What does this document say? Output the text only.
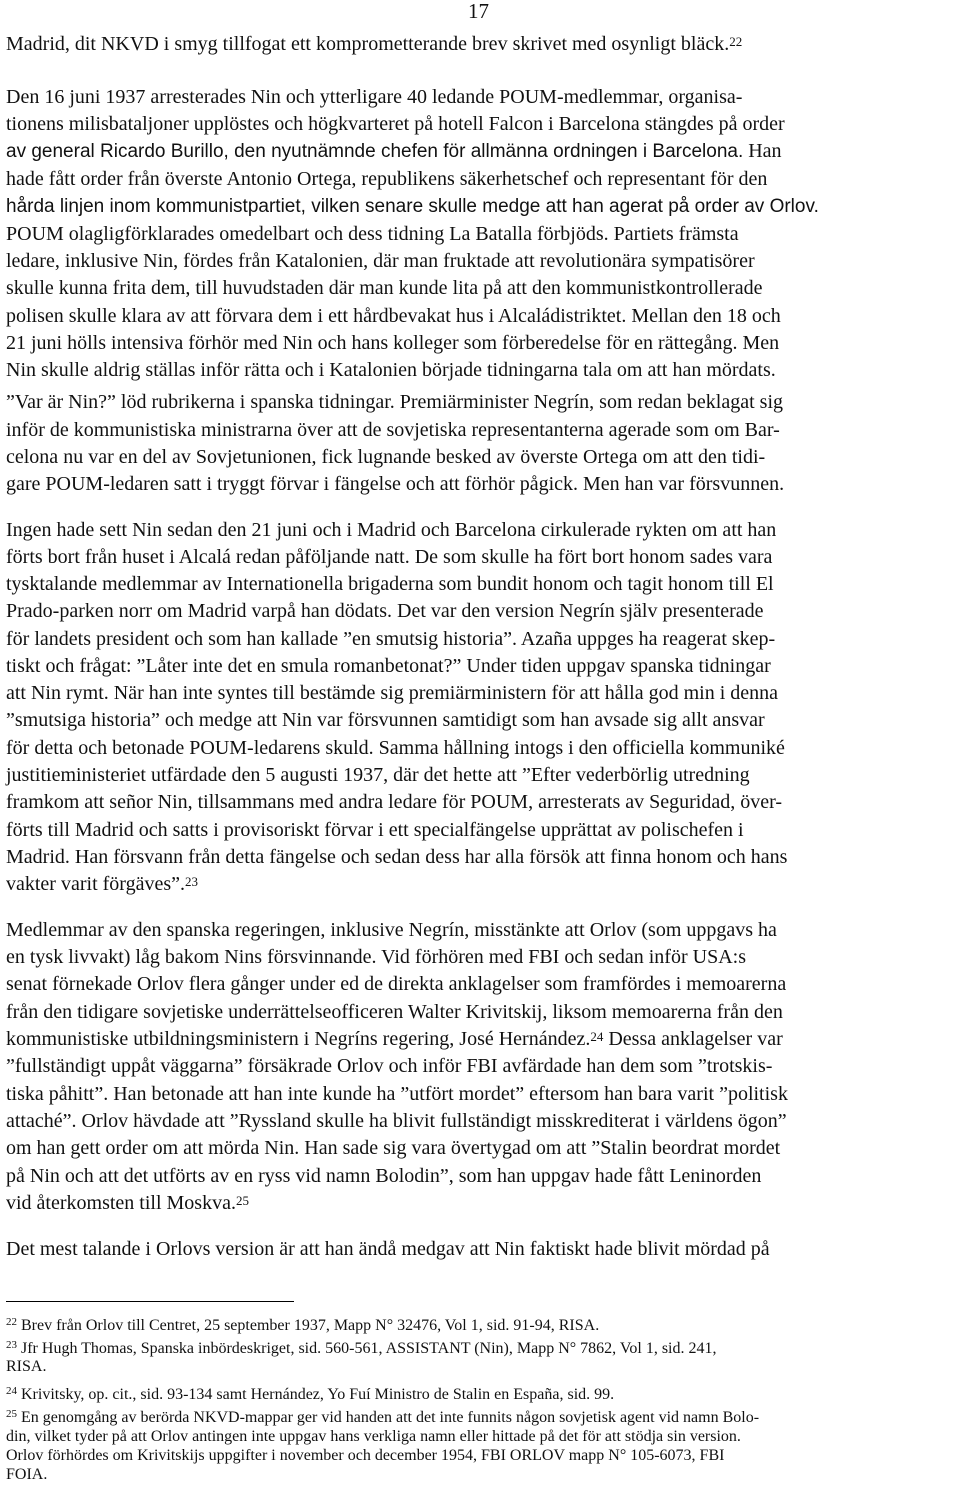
17
Madrid, dit NKVD i smyg tillfogat ett komprometterande brev skrivet med osynligt bläck.$^{22}$
Den 16 juni 1937 arresterades Nin och ytterligare 40 ledande POUM-medlemmar, organisa-
tionens milisbataljoner upplöstes och högkvarteret på hotell Falcon i Barcelona stängdes på order
av general Ricardo Burillo, den nyutnämnde chefen för allmänna ordningen i Barcelona. Han
hade fått order från överste Antonio Ortega, republikens säkerhetschef och representant för den
hårda linjen inom kommunistpartiet, vilken senare skulle medge att han agerat på order av Orlov.
POUM olagligförklarades omedelbart och dess tidning La Batalla förbjöds. Partiets främsta
ledare, inklusive Nin, fördes från Katalonien, där man fruktade att revolutionära sympatisörer
skulle kunna frita dem, till huvudstaden där man kunde lita på att den kommunistkontrollerade
polisen skulle klara av att förvara dem i ett hårdbevakat hus i Alcaládistriktet. Mellan den 18 och
21 juni hölls intensiva förhör med Nin och hans kolleger som förberedelse för en rättegång. Men
Nin skulle aldrig ställas inför rätta och i Katalonien började tidningarna tala om att han mördats.
”Var är Nin?” löd rubrikerna i spanska tidningar. Premiärminister Negrín, som redan beklagat sig
inför de kommunistiska ministrarna över att de sovjetiska representanterna agerade som om Bar-
celona nu var en del av Sovjetunionen, fick lugnande besked av överste Ortega om att den tidi-
gare POUM-ledaren satt i tryggt förvar i fängelse och att förhör pågick. Men han var försvunnen.
Ingen hade sett Nin sedan den 21 juni och i Madrid och Barcelona cirkulerade rykten om att han
förts bort från huset i Alcalá redan påföljande natt. De som skulle ha fört bort honom sades vara
tysktalande medlemmar av Internationella brigaderna som bundit honom och tagit honom till El
Prado-parken norr om Madrid varpå han dödats. Det var den version Negrín själv presenterade
för landets president och som han kallade ”en smutsig historia”. Azaña uppges ha reagerat skep-
tiskt och frågat: ”Låter inte det en smula romanbetonat?” Under tiden uppgav spanska tidningar
att Nin rymt. När han inte syntes till bestämde sig premiärministern för att hålla god min i denna
”smutsiga historia” och medge att Nin var försvunnen samtidigt som han avsade sig allt ansvar
för detta och betonade POUM-ledarens skuld. Samma hållning intogs i den officiella kommuniké
justitieministeriet utfärdade den 5 augusti 1937, där det hette att ”Efter vederbörlig utredning
framkom att señor Nin, tillsammans med andra ledare för POUM, arresterats av Seguridad, över-
förts till Madrid och satts i provisoriskt förvar i ett specialfängelse upprättat av polischefen i
Madrid. Han försvann från detta fängelse och sedan dess har alla försök att finna honom och hans
vakter varit förgäves”.$^{23}$
Medlemmar av den spanska regeringen, inklusive Negrín, misstänkte att Orlov (som uppgavs ha
en tysk livvakt) låg bakom Nins försvinnande. Vid förhören med FBI och sedan inför USA:s
senat förnekade Orlov flera gånger under ed de direkta anklagelser som framfördes i memoarerna
från den tidigare sovjetiske underrättelseofficeren Walter Krivitskij, liksom memoarerna från den
kommunistiske utbildningsministern i Negríns regering, José Hernández.$^{24}$ Dessa anklagelser var
”fullständigt uppåt väggarna” försäkrade Orlov och inför FBI avfärdade han dem som ”trotskis-
tiska påhitt”. Han betonade att han inte kunde ha ”utfört mordet” eftersom han bara varit ”politisk
attaché”. Orlov hävdade att ”Ryssland skulle ha blivit fullständigt misskrediterat i världens ögon”
om han gett order om att mörda Nin. Han sade sig vara övertygad om att ”Stalin beordrat mordet
på Nin och att det utförts av en ryss vid namn Bolodin”, som han uppgav hade fått Leninorden
vid återkomsten till Moskva.$^{25}$
Det mest talande i Orlovs version är att han ändå medgav att Nin faktiskt hade blivit mördad på
$^{22}$ Brev från Orlov till Centret, 25 september 1937, Mapp N° 32476, Vol 1, sid. 91-94, RISA.
$^{23}$ Jfr Hugh Thomas, Spanska inbördeskriget, sid. 560-561, ASSISTANT (Nin), Mapp N° 7862, Vol 1, sid. 241,
RISA.
$^{24}$ Krivitsky, op. cit., sid. 93-134 samt Hernández, Yo Fuí Ministro de Stalin en España, sid. 99.
$^{25}$ En genomgång av berörda NKVD-mappar ger vid handen att det inte funnits någon sovjetisk agent vid namn Bolo-
din, vilket tyder på att Orlov antingen inte uppgav hans verkliga namn eller hittade på det för att stödja sin version.
Orlov förhördes om Krivitskijs uppgifter i november och december 1954, FBI ORLOV mapp N° 105-6073, FBI
FOIA.
